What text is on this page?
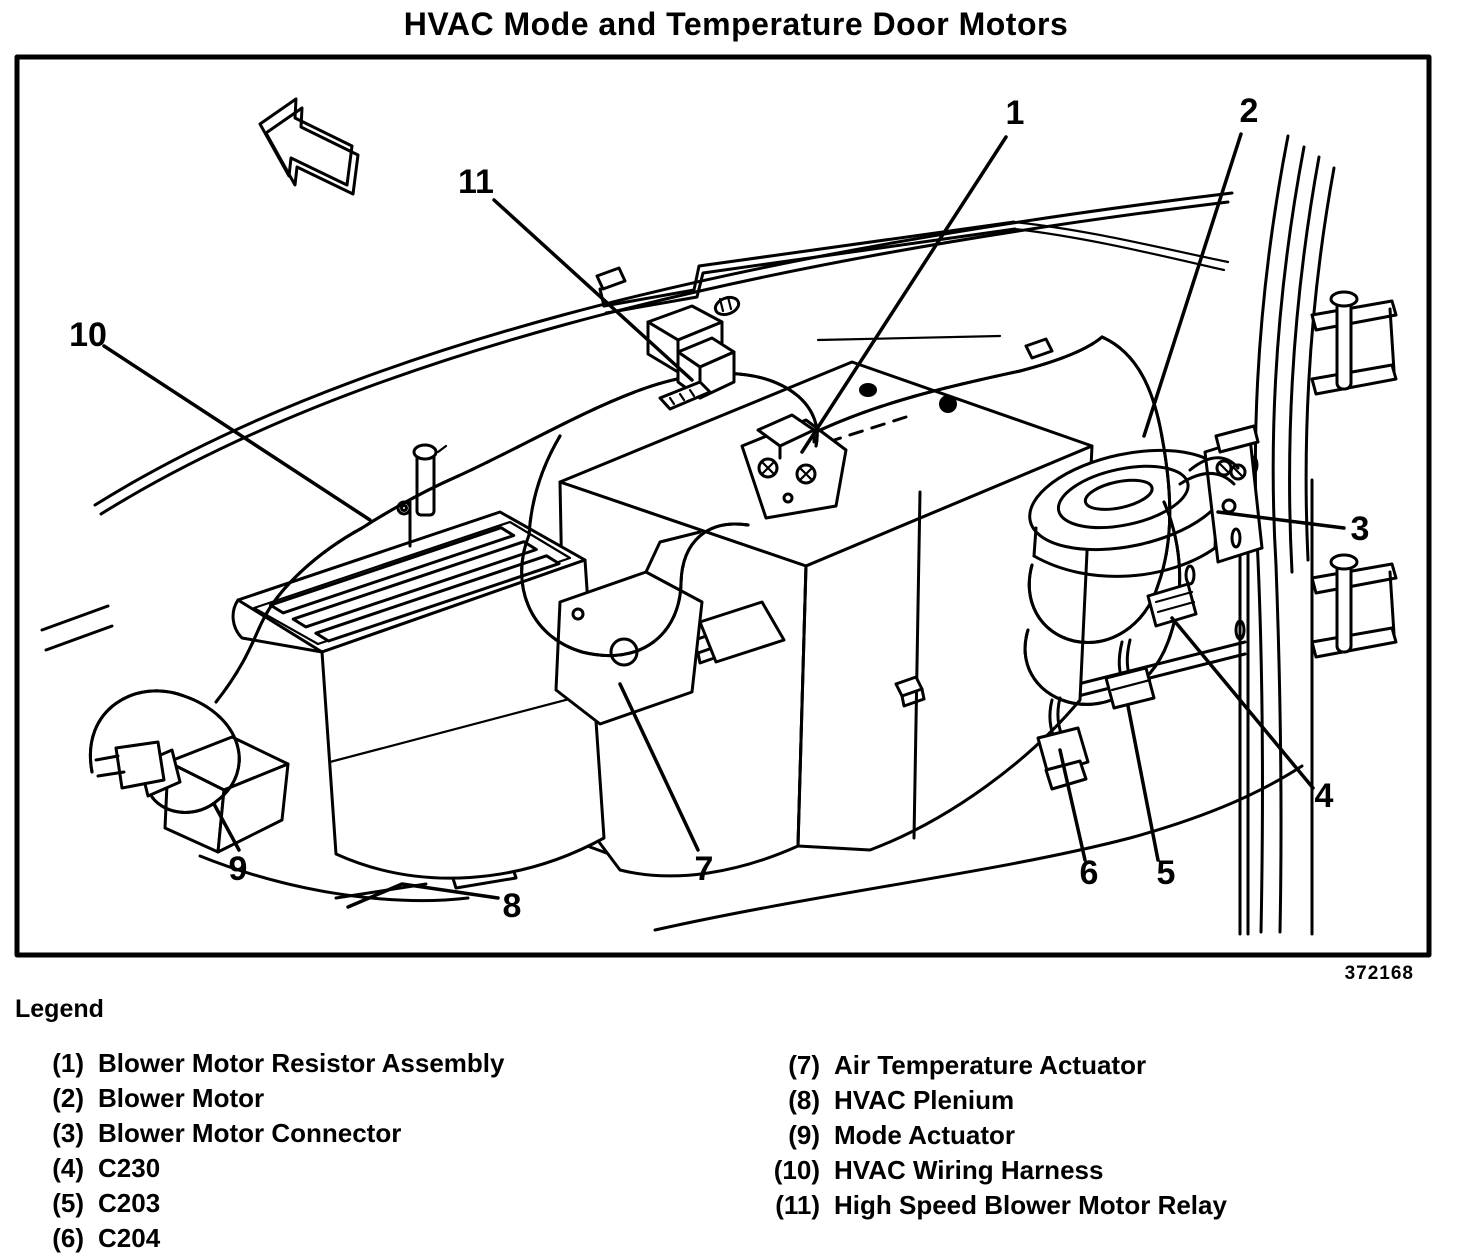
HVAC Mode and Temperature Door Motors
1	2
3
4
5
6
7
8
9
10
11
372168
Legend
(1) Blower Motor Resistor Assembly
(2) Blower Motor
(3) Blower Motor Connector
(4) C230
(5) C203
(6) C204
(7) Air Temperature Actuator
(8) HVAC Plenium
(9) Mode Actuator
(10) HVAC Wiring Harness
(11) High Speed Blower Motor Relay
